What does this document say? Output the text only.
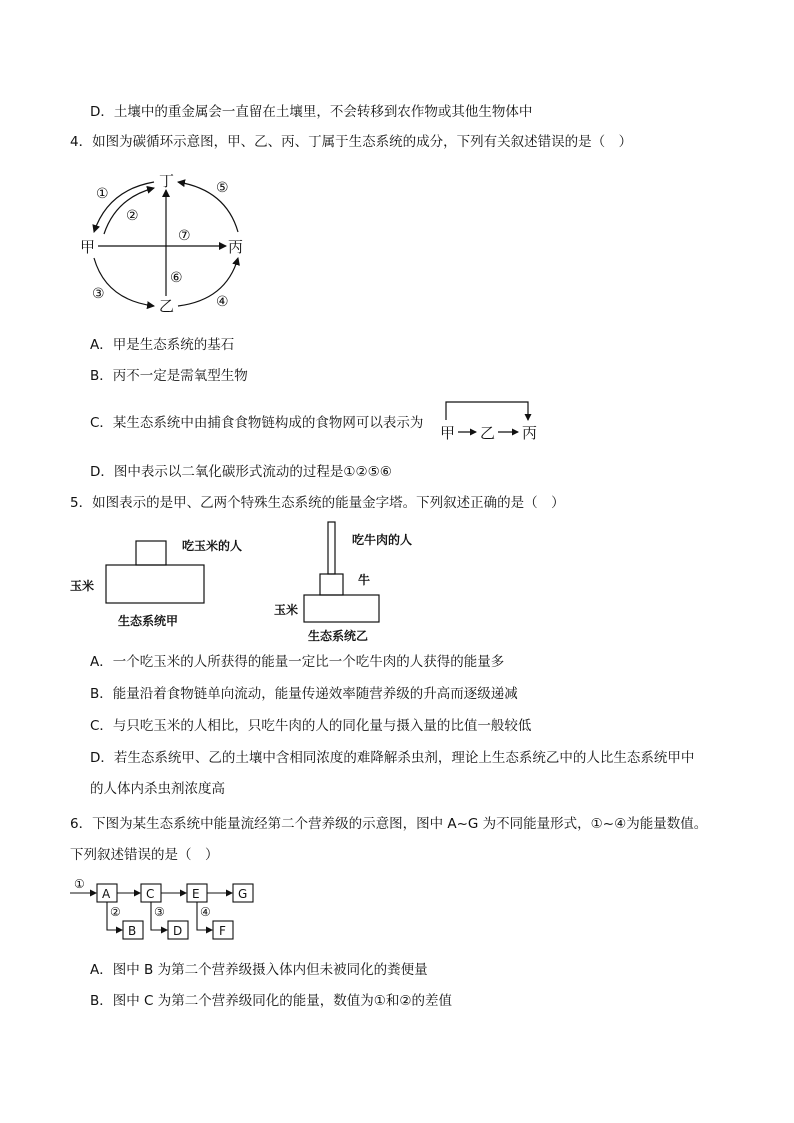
D．土壤中的重金属会一直留在土壤里，不会转移到农作物或其他生物体中
4．如图为碳循环示意图，甲、乙、丙、丁属于生态系统的成分，下列有关叙述错误的是（　）
丁
甲	丙
乙
①
②
③	④
⑤
⑥
⑦
A．甲是生态系统的基石
B．丙不一定是需氧型生物
C．某生态系统中由捕食食物链构成的食物网可以表示为
甲 乙 丙
D．图中表示以二氧化碳形式流动的过程是①②⑤⑥
5．如图表示的是甲、乙两个特殊生态系统的能量金字塔。下列叙述正确的是（　）
吃玉米的人
玉米
生态系统甲
吃牛肉的人
牛
玉米
生态系统乙
A．一个吃玉米的人所获得的能量一定比一个吃牛肉的人获得的能量多
B．能量沿着食物链单向流动，能量传递效率随营养级的升高而逐级递减
C．与只吃玉米的人相比，只吃牛肉的人的同化量与摄入量的比值一般较低
D．若生态系统甲、乙的土壤中含相同浓度的难降解杀虫剂，理论上生态系统乙中的人比生态系统甲中
的人体内杀虫剂浓度高
6．下图为某生态系统中能量流经第二个营养级的示意图，图中 A~G 为不同能量形式，①~④为能量数值。
下列叙述错误的是（　）
①
A	C	E	G
②
B
③
D
④
F
A．图中 B 为第二个营养级摄入体内但未被同化的粪便量
B．图中 C 为第二个营养级同化的能量，数值为①和②的差值
